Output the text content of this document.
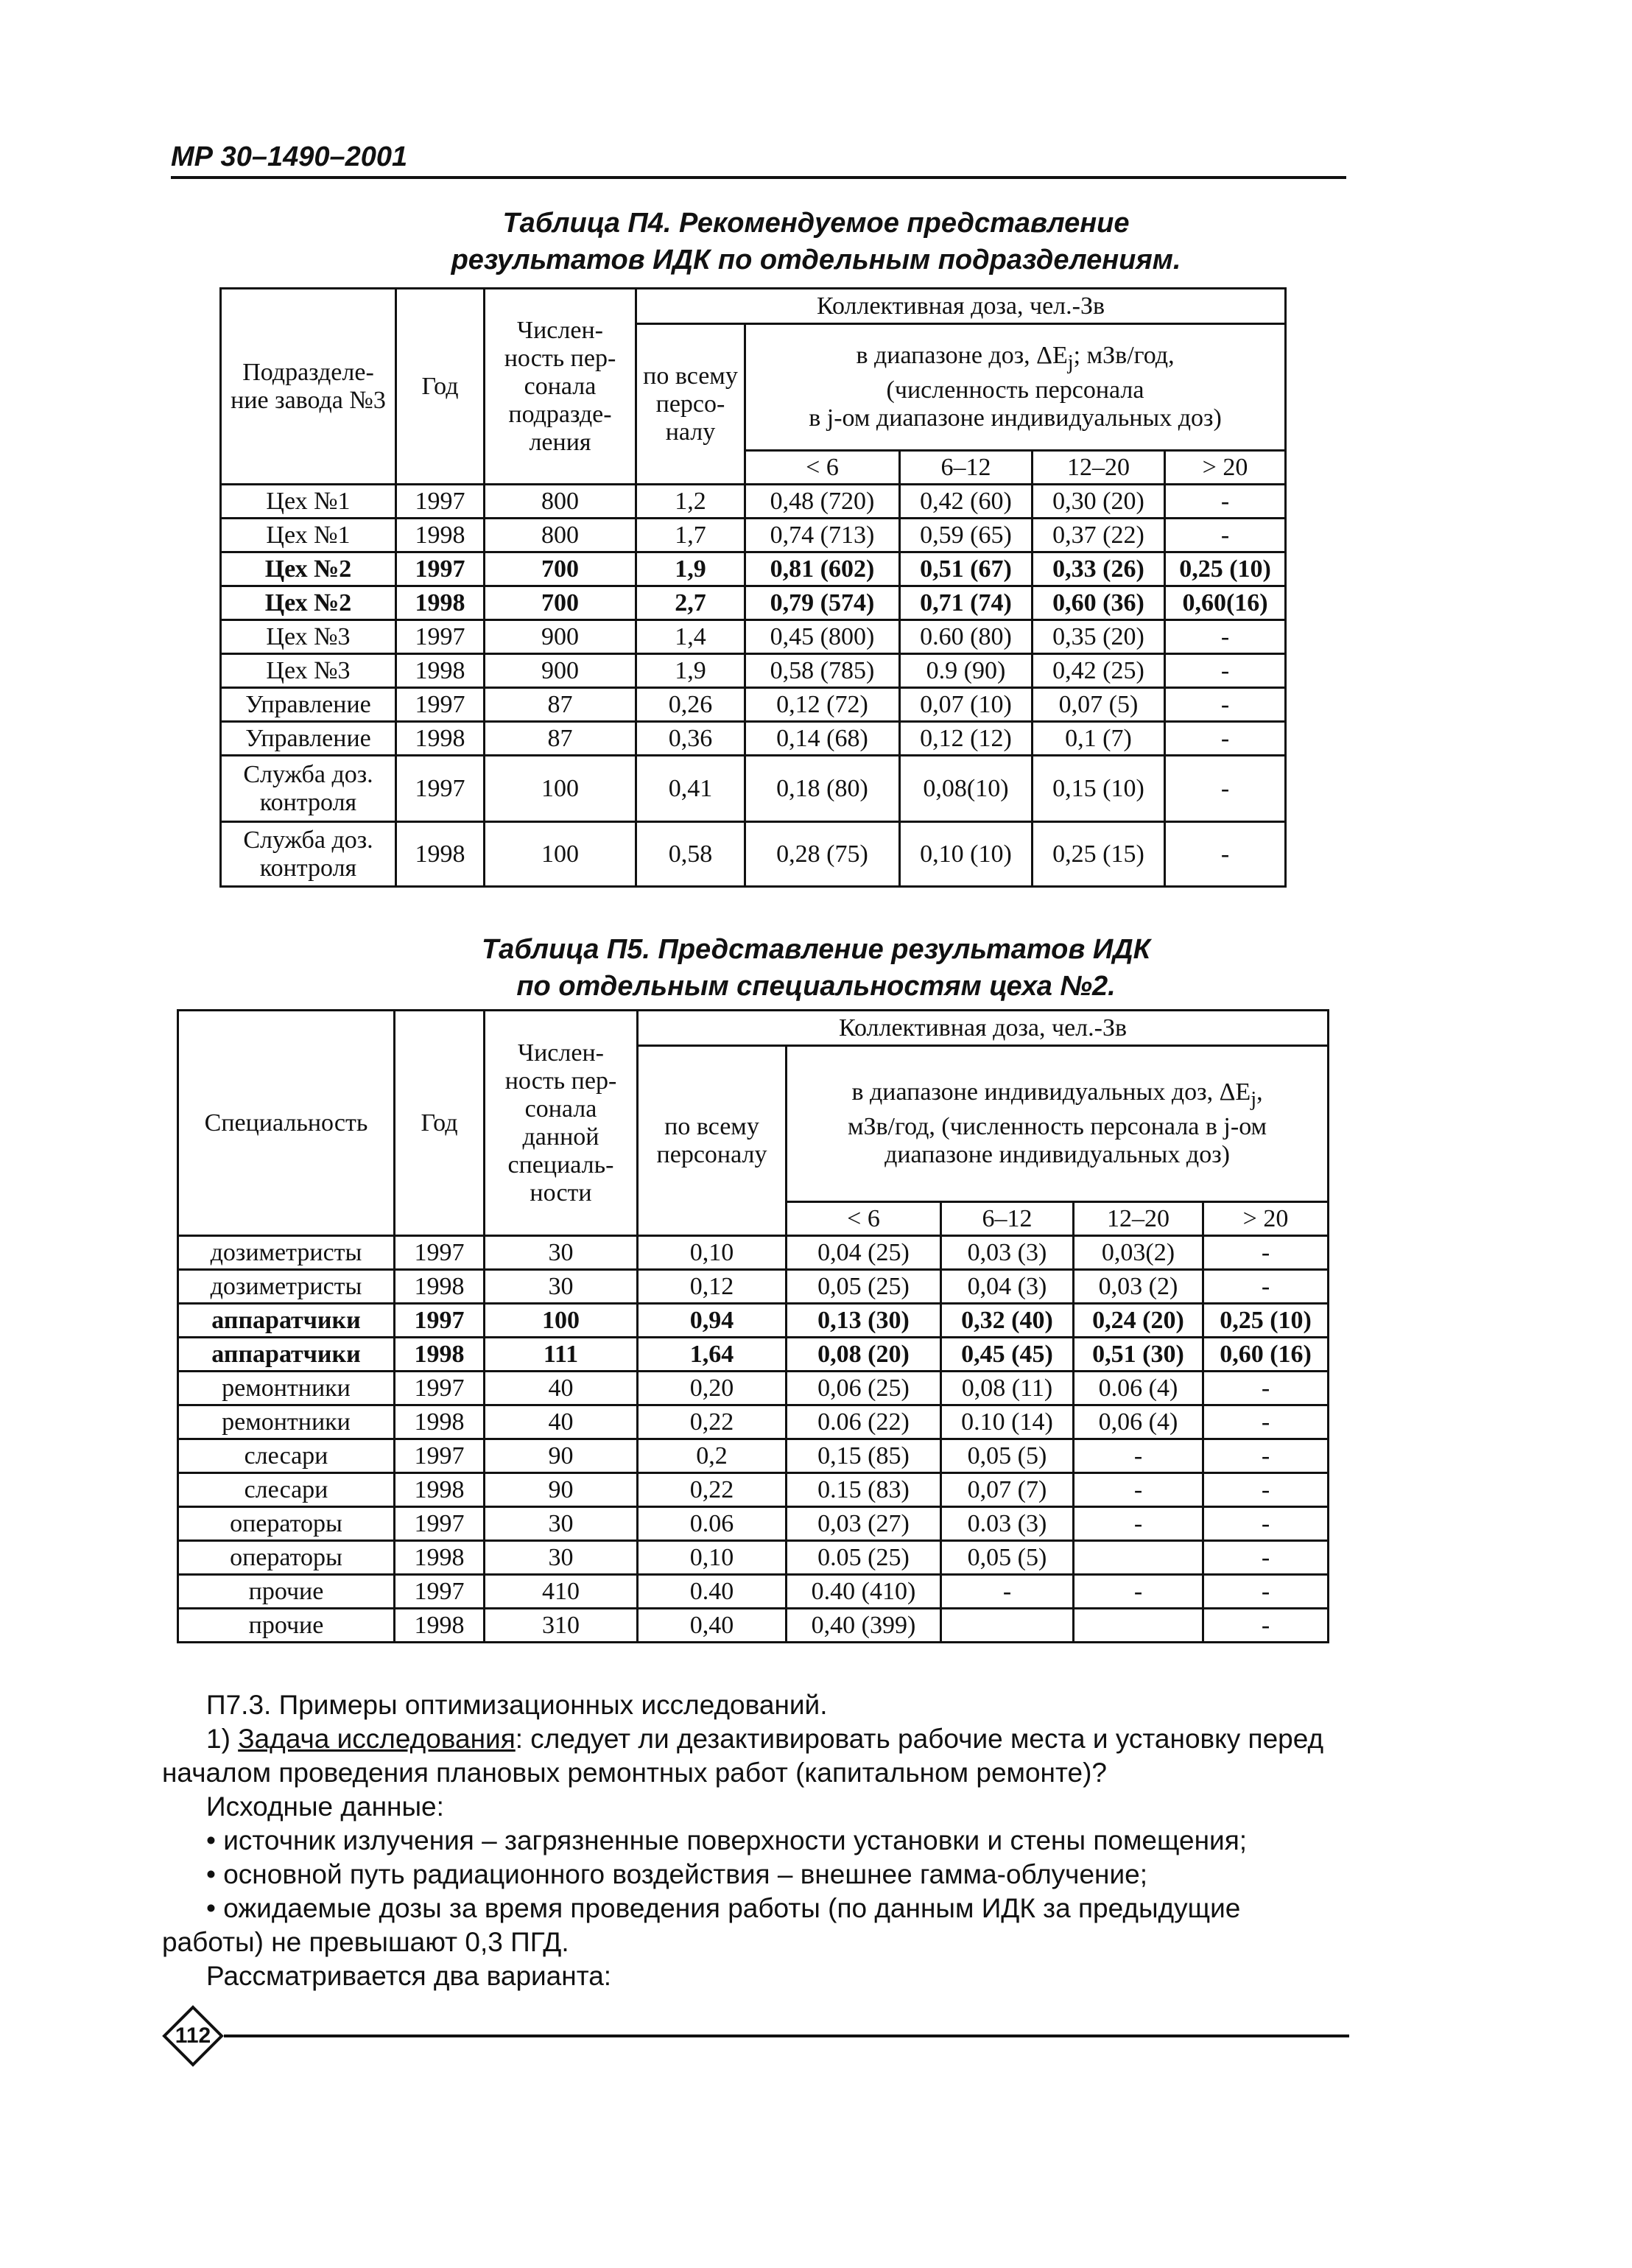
МР 30–1490–2001
Таблица П4. Рекомендуемое представление
результатов ИДК по отдельным подразделениям.
Подразделе-ние завода №3	Год	Числен-ность пер-сонала подразде-ления	Коллективная доза, чел.-Зв				
			по всему персо-налу	в диапазоне доз, $\Delta E_j$; мЗв/год,
(численность персонала
в j-ом диапазоне индивидуальных доз)			

				< 6	6–12	12–20	> 20
Цех №1	1997	800	1,2	0,48 (720)	0,42 (60)	0,30 (20)	-
Цех №1	1998	800	1,7	0,74 (713)	0,59 (65)	0,37 (22)	-
Цех №2	1997	700	1,9	0,81 (602)	0,51 (67)	0,33 (26)	0,25 (10)
Цех №2	1998	700	2,7	0,79 (574)	0,71 (74)	0,60 (36)	0,60(16)
Цех №3	1997	900	1,4	0,45 (800)	0.60 (80)	0,35 (20)	-
Цех №3	1998	900	1,9	0,58 (785)	0.9 (90)	0,42 (25)	-
Управление	1997	87	0,26	0,12 (72)	0,07 (10)	0,07 (5)	-
Управление	1998	87	0,36	0,14 (68)	0,12 (12)	0,1 (7)	-
Служба доз. контроля	1997	100	0,41	0,18 (80)	0,08(10)	0,15 (10)	-
Служба доз. контроля	1998	100	0,58	0,28 (75)	0,10 (10)	0,25 (15)	-
Таблица П5. Представление результатов ИДК
по отдельным специальностям цеха №2.
Специальность	Год	Числен-ность пер-сонала данной специаль-ности	Коллективная доза, чел.-Зв				
			по всему персоналу	в диапазоне индивидуальных доз, $\Delta E_j$,
мЗв/год, (численность персонала в j-ом
диапазоне индивидуальных доз)			

				< 6	6–12	12–20	> 20
дозиметристы	1997	30	0,10	0,04 (25)	0,03 (3)	0,03(2)	-
дозиметристы	1998	30	0,12	0,05 (25)	0,04 (3)	0,03 (2)	-
аппаратчики	1997	100	0,94	0,13 (30)	0,32 (40)	0,24 (20)	0,25 (10)
аппаратчики	1998	111	1,64	0,08 (20)	0,45 (45)	0,51 (30)	0,60 (16)
ремонтники	1997	40	0,20	0,06 (25)	0,08 (11)	0.06 (4)	-
ремонтники	1998	40	0,22	0.06 (22)	0.10 (14)	0,06 (4)	-
слесари	1997	90	0,2	0,15 (85)	0,05 (5)	-	-
слесари	1998	90	0,22	0.15 (83)	0,07 (7)	-	-
операторы	1997	30	0.06	0,03 (27)	0.03 (3)	-	-
операторы	1998	30	0,10	0.05 (25)	0,05 (5)		-
прочие	1997	410	0.40	0.40 (410)	-	-	-
прочие	1998	310	0,40	0,40 (399)			-

П7.3. Примеры оптимизационных исследований.

1) Задача исследования: следует ли дезактивировать рабочие места и установку перед началом проведения плановых ремонтных работ (капитальном ремонте)?

Исходные данные:

• источник излучения – загрязненные поверхности установки и стены помещения;

• основной путь радиационного воздействия – внешнее гамма-облучение;

• ожидаемые дозы за время проведения работы (по данным ИДК за предыдущие работы) не превышают 0,3 ПГД.

Рассматривается два варианта:

112
